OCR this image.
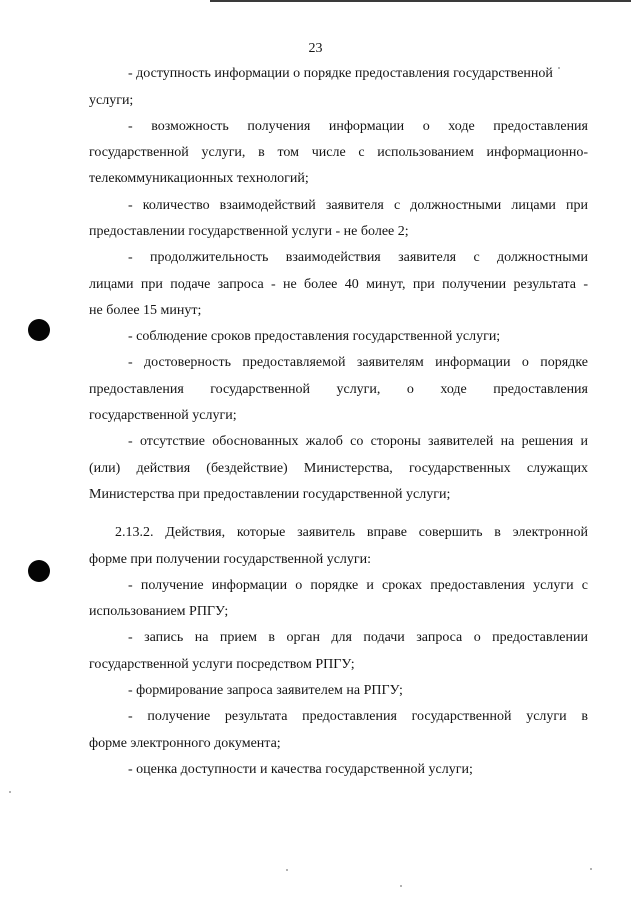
23
- доступность информации о порядке предоставления государственной
услуги;
- возможность получения информации о ходе предоставления
государственной услуги, в том числе с использованием информационно-
телекоммуникационных технологий;
- количество взаимодействий заявителя с должностными лицами при
предоставлении государственной услуги - не более 2;
- продолжительность взаимодействия заявителя с должностными
лицами при подаче запроса - не более 40 минут, при получении результата -
не более 15 минут;
- соблюдение сроков предоставления государственной услуги;
- достоверность предоставляемой заявителям информации о порядке
предоставления государственной услуги, о ходе предоставления
государственной услуги;
- отсутствие обоснованных жалоб со стороны заявителей на решения и
(или) действия (бездействие) Министерства, государственных служащих
Министерства при предоставлении государственной услуги;
2.13.2. Действия, которые заявитель вправе совершить в электронной
форме при получении государственной услуги:
- получение информации о порядке и сроках предоставления услуги с
использованием РПГУ;
- запись на прием в орган для подачи запроса о предоставлении
государственной услуги посредством РПГУ;
- формирование запроса заявителем на РПГУ;
- получение результата предоставления государственной услуги в
форме электронного документа;
- оценка доступности и качества государственной услуги;
